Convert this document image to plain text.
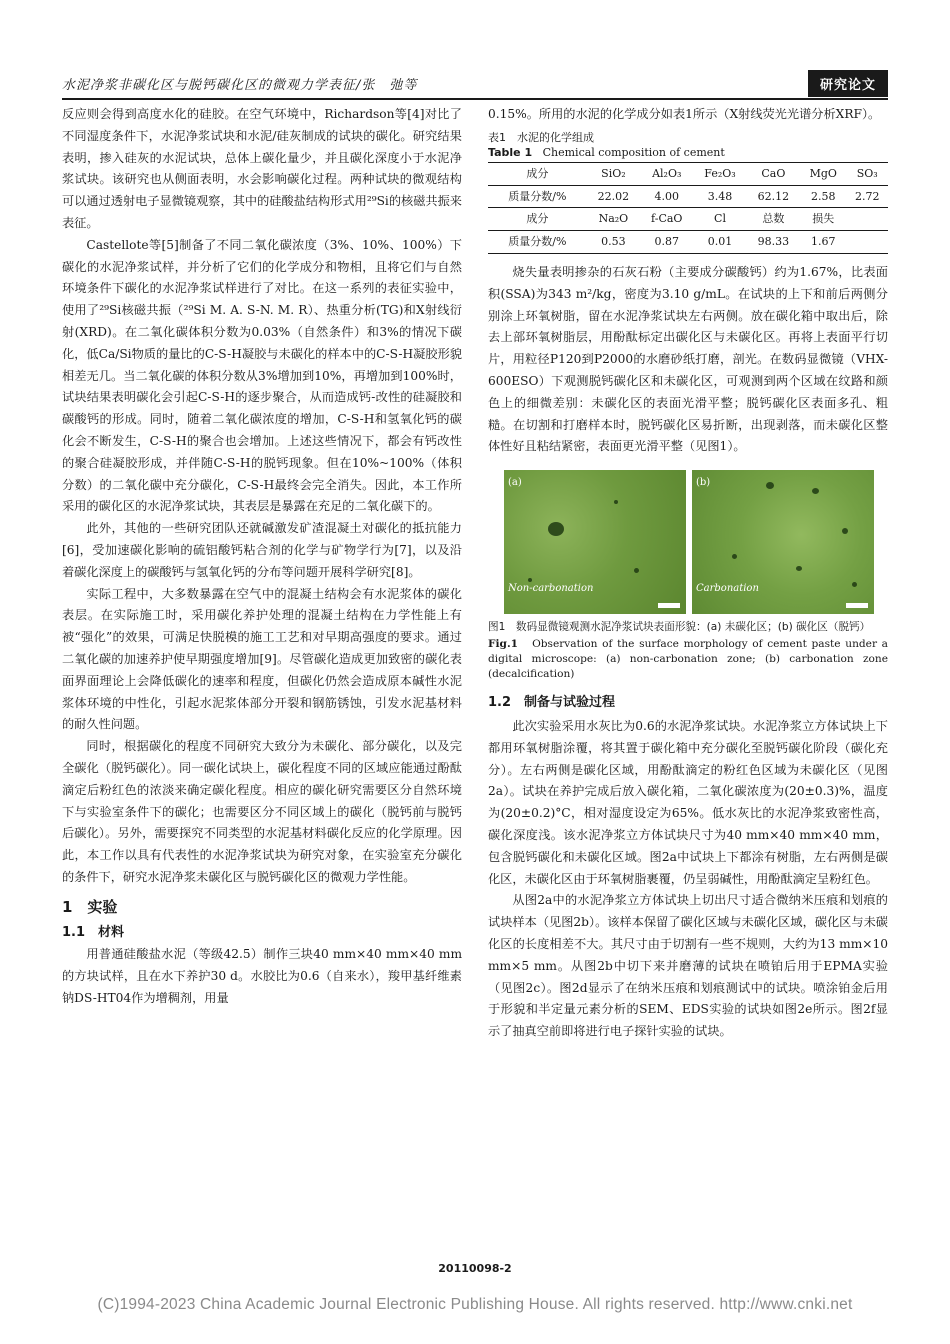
水泥净浆非碳化区与脱钙碳化区的微观力学表征/张　弛等	研究论文

反应则会得到高度水化的硅胶。在空气环境中，Richardson等[4]对比了不同湿度条件下，水泥净浆试块和水泥/硅灰制成的试块的碳化。研究结果表明，掺入硅灰的水泥试块，总体上碳化量少，并且碳化深度小于水泥净浆试块。该研究也从侧面表明，水会影响碳化过程。两种试块的微观结构可以通过透射电子显微镜观察，其中的硅酸盐结构形式用²⁹Si的核磁共振来表征。

Castellote等[5]制备了不同二氧化碳浓度（3%、10%、100%）下碳化的水泥净浆试样，并分析了它们的化学成分和物相，且将它们与自然环境条件下碳化的水泥净浆试样进行了对比。在这一系列的表征实验中，使用了²⁹Si核磁共振（²⁹Si M. A. S-N. M. R）、热重分析(TG)和X射线衍射(XRD)。在二氧化碳体积分数为0.03%（自然条件）和3%的情况下碳化，低Ca/Si物质的量比的C-S-H凝胶与未碳化的样本中的C-S-H凝胶形貌相差无几。当二氧化碳的体积分数从3%增加到10%，再增加到100%时，试块结果表明碳化会引起C-S-H的逐步聚合，从而造成钙-改性的硅凝胶和碳酸钙的形成。同时，随着二氧化碳浓度的增加，C-S-H和氢氧化钙的碳化会不断发生，C-S-H的聚合也会增加。上述这些情况下，都会有钙改性的聚合硅凝胶形成，并伴随C-S-H的脱钙现象。但在10%~100%（体积分数）的二氧化碳中充分碳化，C-S-H最终会完全消失。因此，本工作所采用的碳化区的水泥净浆试块，其表层是暴露在充足的二氧化碳下的。

此外，其他的一些研究团队还就碱激发矿渣混凝土对碳化的抵抗能力[6]，受加速碳化影响的硫铝酸钙粘合剂的化学与矿物学行为[7]，以及沿着碳化深度上的碳酸钙与氢氧化钙的分布等问题开展科学研究[8]。

实际工程中，大多数暴露在空气中的混凝土结构会有水泥浆体的碳化表层。在实际施工时，采用碳化养护处理的混凝土结构在力学性能上有被“强化”的效果，可满足快脱模的施工工艺和对早期高强度的要求。通过二氧化碳的加速养护使早期强度增加[9]。尽管碳化造成更加致密的碳化表面界面理论上会降低碳化的速率和程度，但碳化仍然会造成原本碱性水泥浆体环境的中性化，引起水泥浆体部分开裂和钢筋锈蚀，引发水泥基材料的耐久性问题。

同时，根据碳化的程度不同研究大致分为未碳化、部分碳化，以及完全碳化（脱钙碳化）。同一碳化试块上，碳化程度不同的区域应能通过酚酞滴定后粉红色的浓淡来确定碳化程度。相应的碳化研究需要区分自然环境下与实验室条件下的碳化；也需要区分不同区域上的碳化（脱钙前与脱钙后碳化）。另外，需要探究不同类型的水泥基材料碳化反应的化学原理。因此，本工作以具有代表性的水泥净浆试块为研究对象，在实验室充分碳化的条件下，研究水泥净浆未碳化区与脱钙碳化区的微观力学性能。

1　实验
1.1　材料

用普通硅酸盐水泥（等级42.5）制作三块40 mm×40 mm×40 mm的方块试样，且在水下养护30 d。水胶比为0.6（自来水），羧甲基纤维素钠DS-HT04作为增稠剂，用量

0.15%。所用的水泥的化学成分如表1所示（X射线荧光光谱分析XRF）。

表1　水泥的化学组成
Table 1 Chemical composition of cement
成分	SiO₂	Al₂O₃	Fe₂O₃	CaO	MgO	SO₃
质量分数/%	22.02	4.00	3.48	62.12	2.58	2.72
成分	Na₂O	f-CaO	Cl	总数	损失	
质量分数/%	0.53	0.87	0.01	98.33	1.67	

烧失量表明掺杂的石灰石粉（主要成分碳酸钙）约为1.67%，比表面积(SSA)为343 m²/kg，密度为3.10 g/mL。在试块的上下和前后两侧分别涂上环氧树脂，留在水泥净浆试块左右两侧。放在碳化箱中取出后，除去上部环氧树脂层，用酚酞标定出碳化区与未碳化区。再将上表面平行切片，用粒径P120到P2000的水磨砂纸打磨，剖光。在数码显微镜（VHX-600ESO）下观测脱钙碳化区和未碳化区，可观测到两个区域在纹路和颜色上的细微差别：未碳化区的表面光滑平整；脱钙碳化区表面多孔、粗糙。在切割和打磨样本时，脱钙碳化区易折断，出现剥落，而未碳化区整体性好且粘结紧密，表面更光滑平整（见图1）。

(a)
Non-carbonation
(b)
Carbonation
图1　数码显微镜观测水泥净浆试块表面形貌：(a) 未碳化区；(b) 碳化区（脱钙）
Fig.1 Observation of the surface morphology of cement paste under a digital microscope: (a) non-carbonation zone; (b) carbonation zone (decalcification)
1.2　制备与试验过程

此次实验采用水灰比为0.6的水泥净浆试块。水泥净浆立方体试块上下都用环氧树脂涂覆，将其置于碳化箱中充分碳化至脱钙碳化阶段（碳化充分）。左右两侧是碳化区域，用酚酞滴定的粉红色区域为未碳化区（见图2a）。试块在养护完成后放入碳化箱，二氧化碳浓度为(20±0.3)%，温度为(20±0.2)°C，相对湿度设定为65%。低水灰比的水泥净浆致密性高，碳化深度浅。该水泥净浆立方体试块尺寸为40 mm×40 mm×40 mm，包含脱钙碳化和未碳化区域。图2a中试块上下都涂有树脂，左右两侧是碳化区，未碳化区由于环氧树脂裹覆，仍呈弱碱性，用酚酞滴定呈粉红色。

从图2a中的水泥净浆立方体试块上切出尺寸适合微纳米压痕和划痕的试块样本（见图2b）。该样本保留了碳化区域与未碳化区域，碳化区与未碳化区的长度相差不大。其尺寸由于切割有一些不规则，大约为13 mm×10 mm×5 mm。从图2b中切下来并磨薄的试块在喷铂后用于EPMA实验（见图2c）。图2d显示了在纳米压痕和划痕测试中的试块。喷涂铂金后用于形貌和半定量元素分析的SEM、EDS实验的试块如图2e所示。图2f显示了抽真空前即将进行电子探针实验的试块。

20110098-2
(C)1994-2023 China Academic Journal Electronic Publishing House. All rights reserved. http://www.cnki.net
